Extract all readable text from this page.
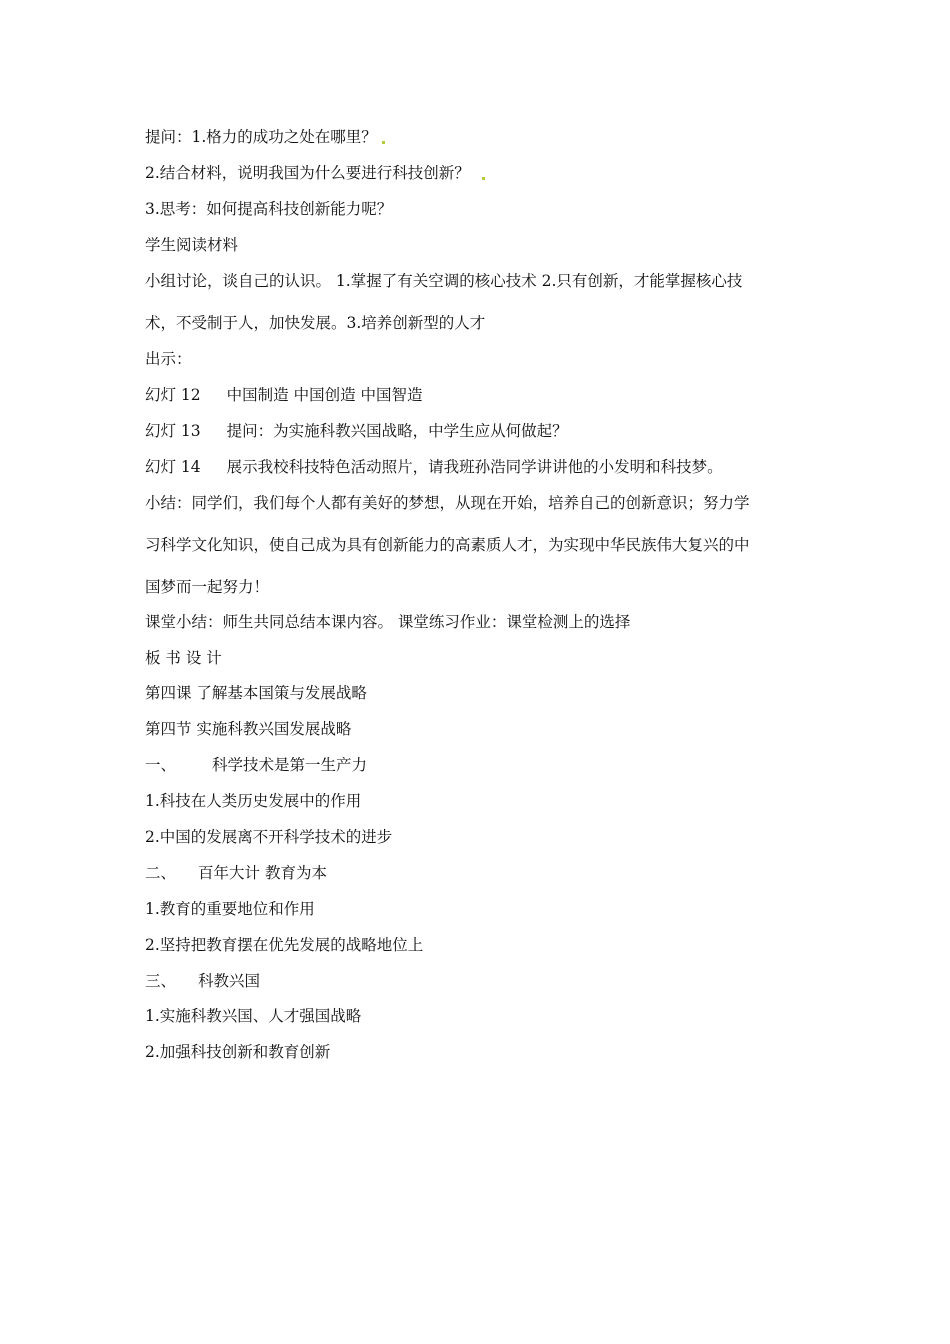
提问：1.格力的成功之处在哪里？
2.结合材料，说明我国为什么要进行科技创新？
3.思考：如何提高科技创新能力呢？
学生阅读材料
小组讨论，谈自己的认识。 1.掌握了有关空调的核心技术 2.只有创新，才能掌握核心技
术，不受制于人，加快发展。3.培养创新型的人才
出示：
幻灯 12 中国制造 中国创造 中国智造
幻灯 13 提问：为实施科教兴国战略，中学生应从何做起？
幻灯 14 展示我校科技特色活动照片，请我班孙浩同学讲讲他的小发明和科技梦。
小结：同学们，我们每个人都有美好的梦想，从现在开始，培养自己的创新意识；努力学
习科学文化知识，使自己成为具有创新能力的高素质人才，为实现中华民族伟大复兴的中
国梦而一起努力！
课堂小结：师生共同总结本课内容。 课堂练习作业：课堂检测上的选择
板 书 设 计
第四课 了解基本国策与发展战略
第四节 实施科教兴国发展战略
一、 科学技术是第一生产力
1.科技在人类历史发展中的作用
2.中国的发展离不开科学技术的进步
二、 百年大计 教育为本
1.教育的重要地位和作用
2.坚持把教育摆在优先发展的战略地位上
三、 科教兴国
1.实施科教兴国、人才强国战略
2.加强科技创新和教育创新
